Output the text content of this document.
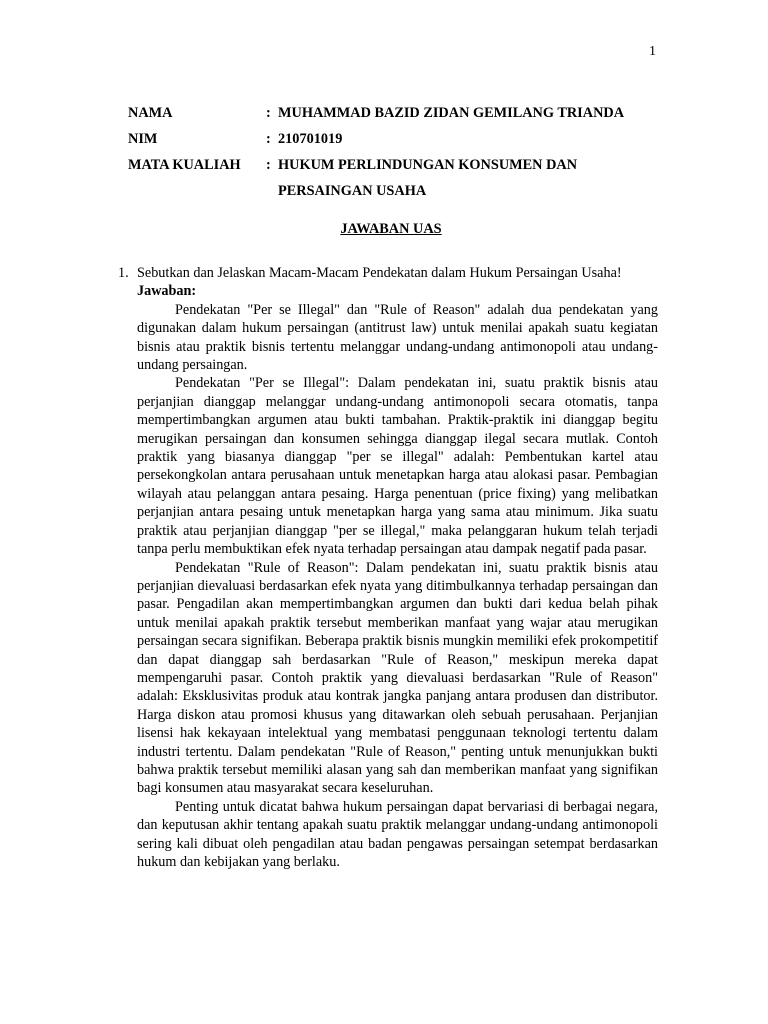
1
NAMA	: MUHAMMAD BAZID ZIDAN GEMILANG TRIANDA
NIM	: 210701019
MATA KUALIAH	: HUKUM PERLINDUNGAN KONSUMEN DAN
PERSAINGAN USAHA
JAWABAN UAS
1. Sebutkan dan Jelaskan Macam-Macam Pendekatan dalam Hukum Persaingan Usaha!

Jawaban:

Pendekatan "Per se Illegal" dan "Rule of Reason" adalah dua pendekatan yang digunakan dalam hukum persaingan (antitrust law) untuk menilai apakah suatu kegiatan bisnis atau praktik bisnis tertentu melanggar undang-undang antimonopoli atau undang-undang persaingan.

Pendekatan "Per se Illegal": Dalam pendekatan ini, suatu praktik bisnis atau perjanjian dianggap melanggar undang-undang antimonopoli secara otomatis, tanpa mempertimbangkan argumen atau bukti tambahan. Praktik-praktik ini dianggap begitu merugikan persaingan dan konsumen sehingga dianggap ilegal secara mutlak. Contoh praktik yang biasanya dianggap "per se illegal" adalah: Pembentukan kartel atau persekongkolan antara perusahaan untuk menetapkan harga atau alokasi pasar. Pembagian wilayah atau pelanggan antara pesaing. Harga penentuan (price fixing) yang melibatkan perjanjian antara pesaing untuk menetapkan harga yang sama atau minimum. Jika suatu praktik atau perjanjian dianggap "per se illegal," maka pelanggaran hukum telah terjadi tanpa perlu membuktikan efek nyata terhadap persaingan atau dampak negatif pada pasar.

Pendekatan "Rule of Reason": Dalam pendekatan ini, suatu praktik bisnis atau perjanjian dievaluasi berdasarkan efek nyata yang ditimbulkannya terhadap persaingan dan pasar. Pengadilan akan mempertimbangkan argumen dan bukti dari kedua belah pihak untuk menilai apakah praktik tersebut memberikan manfaat yang wajar atau merugikan persaingan secara signifikan. Beberapa praktik bisnis mungkin memiliki efek prokompetitif dan dapat dianggap sah berdasarkan "Rule of Reason," meskipun mereka dapat mempengaruhi pasar. Contoh praktik yang dievaluasi berdasarkan "Rule of Reason" adalah: Eksklusivitas produk atau kontrak jangka panjang antara produsen dan distributor. Harga diskon atau promosi khusus yang ditawarkan oleh sebuah perusahaan. Perjanjian lisensi hak kekayaan intelektual yang membatasi penggunaan teknologi tertentu dalam industri tertentu. Dalam pendekatan "Rule of Reason," penting untuk menunjukkan bukti bahwa praktik tersebut memiliki alasan yang sah dan memberikan manfaat yang signifikan bagi konsumen atau masyarakat secara keseluruhan.

Penting untuk dicatat bahwa hukum persaingan dapat bervariasi di berbagai negara, dan keputusan akhir tentang apakah suatu praktik melanggar undang-undang antimonopoli sering kali dibuat oleh pengadilan atau badan pengawas persaingan setempat berdasarkan hukum dan kebijakan yang berlaku.
